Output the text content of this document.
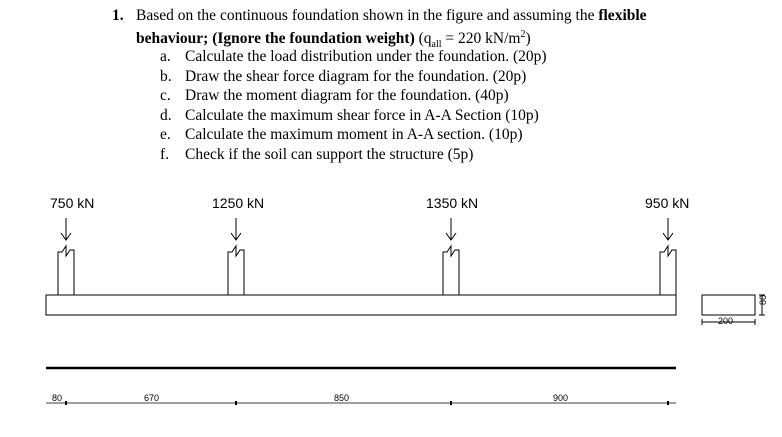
1. Based on the continuous foundation shown in the figure and assuming the flexible
behaviour; (Ignore the foundation weight) ($q_{all} = 220$ $kN/m^2$)
a. Calculate the load distribution under the foundation. (20p)
b. Draw the shear force diagram for the foundation. (20p)
c. Draw the moment diagram for the foundation. (40p)
d. Calculate the maximum shear force in A-A Section (10p)
e. Calculate the maximum moment in A-A section. (10p)
f. Check if the soil can support the structure (5p)
750 kN	1250 kN	1350 kN	950 kN
80	670	850	900
200
80
